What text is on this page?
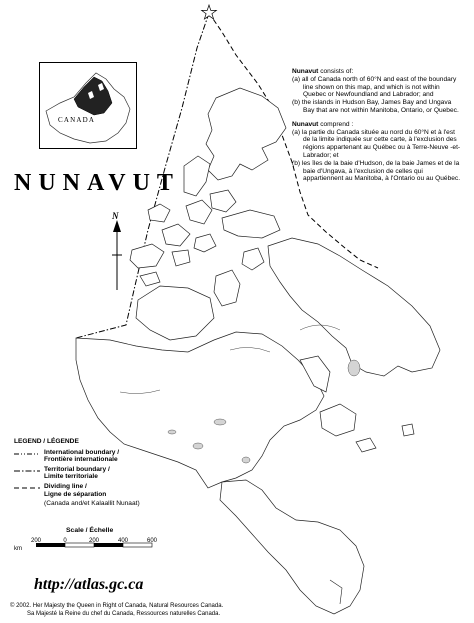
CANADA
NUNAVUT
N

Nunavut consists of:

(a) all of Canada north of 60°N and east of the boundary line shown on this map, and which is not within Quebec or Newfoundland and Labrador; and
(b) the islands in Hudson Bay, James Bay and Ungava Bay that are not within Manitoba, Ontario, or Quebec.

Nunavut comprend :

(a) la partie du Canada située au nord du 60°N et à l'est de la limite indiquée sur cette carte, à l'exclusion des régions appartenant au Québec ou à Terre-Neuve -et-Labrador; et
(b) les îles de la baie d'Hudson, de la baie James et de la baie d'Ungava, à l'exclusion de celles qui appartiennent au Manitoba, à l'Ontario ou au Québec.
LEGEND / LÉGENDE
International boundary /
Frontière internationale
Territorial boundary /
Limite territoriale
Dividing line /
Ligne de séparation
(Canada and/et Kalaallit Nunaat)
Scale / Échelle
200	0	200	400	600
km
http://atlas.gc.ca
© 2002. Her Majesty the Queen in Right of Canada, Natural Resources Canada.
Sa Majesté la Reine du chef du Canada, Ressources naturelles Canada.
